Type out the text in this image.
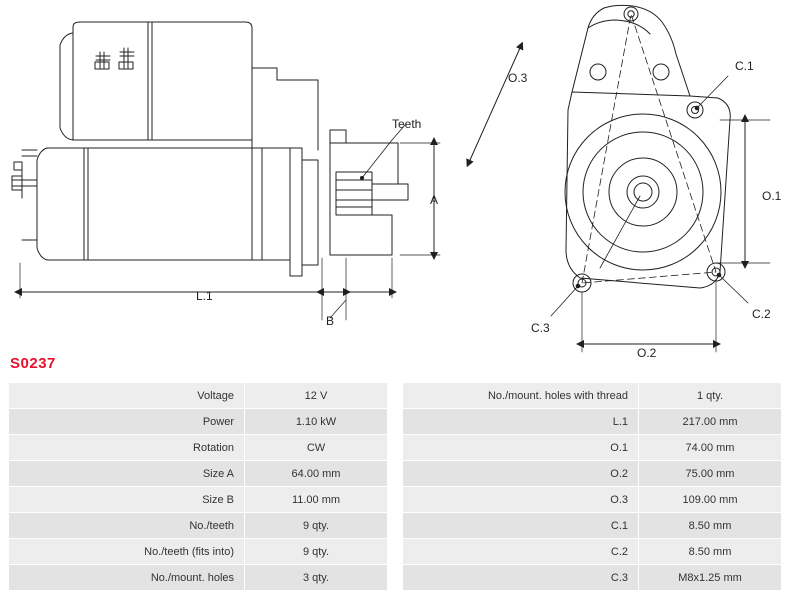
Teeth
A
L.1
B
O.3
O.1
O.2
C.1
C.2
C.3
S0237
Voltage	12 V
Power	1.10 kW
Rotation	CW
Size A	64.00 mm
Size B	11.00 mm
No./teeth	9 qty.
No./teeth (fits into)	9 qty.
No./mount. holes	3 qty.
No./mount. holes with thread	1 qty.
L.1	217.00 mm
O.1	74.00 mm
O.2	75.00 mm
O.3	109.00 mm
C.1	8.50 mm
C.2	8.50 mm
C.3	M8x1.25 mm
